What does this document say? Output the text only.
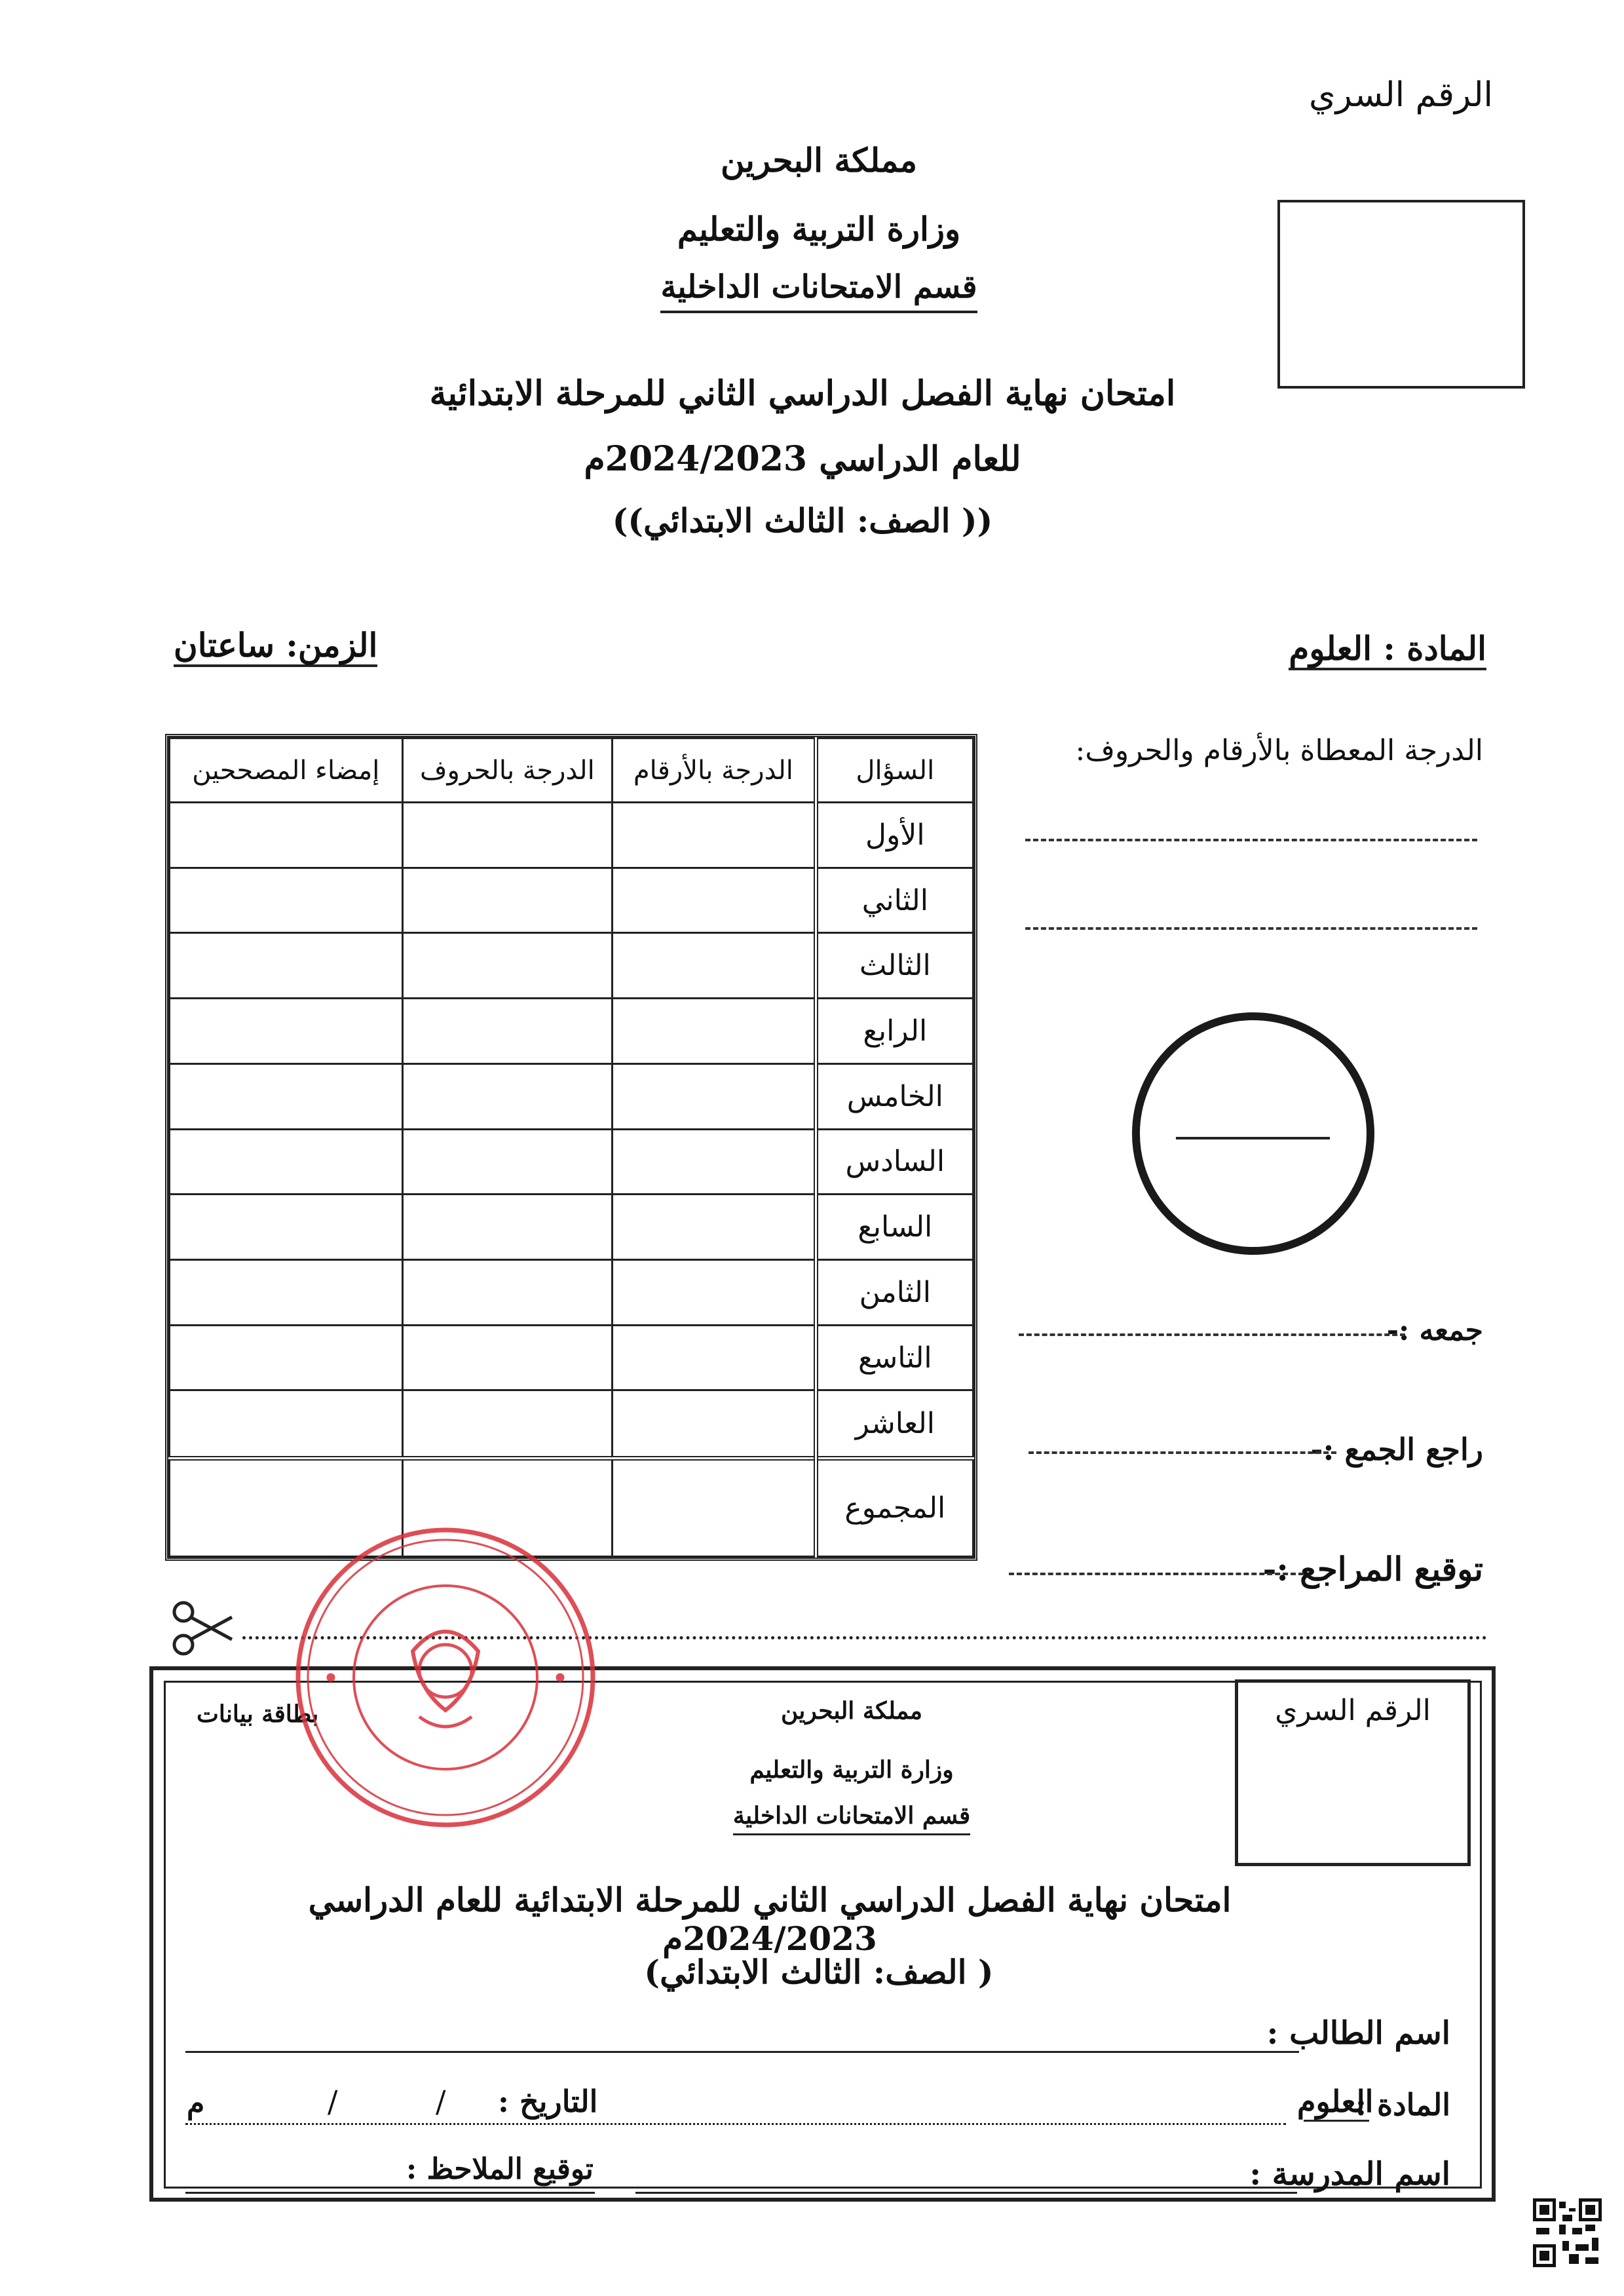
الرقم السري
مملكة البحرين
وزارة التربية والتعليم
قسم الامتحانات الداخلية
امتحان نهاية الفصل الدراسي الثاني للمرحلة الابتدائية
للعام الدراسي 2024/2023م
(( الصف: الثالث الابتدائي))
المادة : العلوم
الزمن: ساعتان
السؤال	الدرجة بالأرقام	الدرجة بالحروف	إمضاء المصححين
الأول			
الثاني			
الثالث			
الرابع			
الخامس			
السادس			
السابع			
الثامن			
التاسع			
العاشر			
المجموع			
الدرجة المعطاة بالأرقام والحروف:
جمعه :-
راجع الجمع :-
توقيع المراجع :-
الرقم السري
بطاقة بيانات	مملكة البحرين
وزارة التربية والتعليم
قسم الامتحانات الداخلية
امتحان نهاية الفصل الدراسي الثاني للمرحلة الابتدائية للعام الدراسي 2024/2023م
( الصف: الثالث الابتدائي)
اسم الطالب :
المادة :
العلوم
التاريخ :
/
/
م
اسم المدرسة :
توقيع الملاحظ :
